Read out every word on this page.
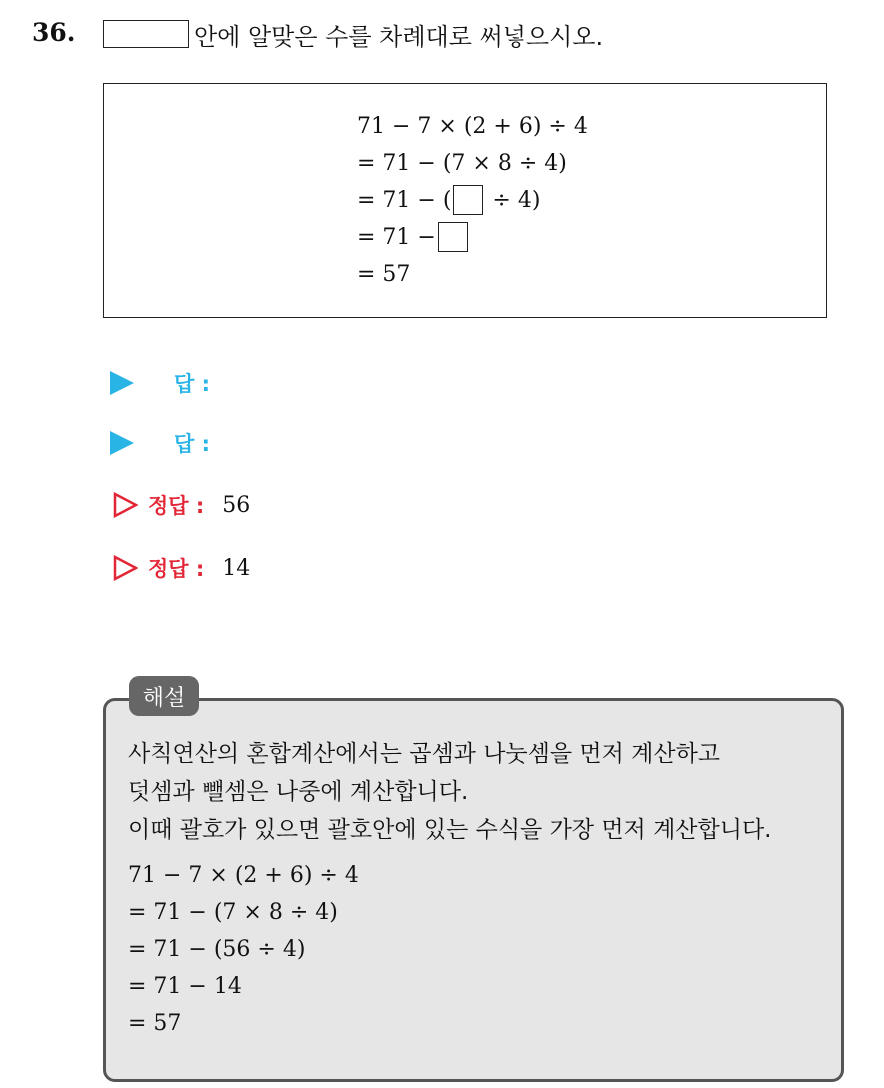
36.	안에 알맞은 수를 차례대로 써넣으시오.
71 − 7 × (2 + 6) ÷ 4
= 71 − (7 × 8 ÷ 4)
= 71 − ( ÷ 4)
= 71 −
= 57
답 :
답 :
정답 : 56
정답 : 14
해설
사칙연산의 혼합계산에서는 곱셈과 나눗셈을 먼저 계산하고
덧셈과 뺄셈은 나중에 계산합니다.
이때 괄호가 있으면 괄호안에 있는 수식을 가장 먼저 계산합니다.
71 − 7 × (2 + 6) ÷ 4
= 71 − (7 × 8 ÷ 4)
= 71 − (56 ÷ 4)
= 71 − 14
= 57
